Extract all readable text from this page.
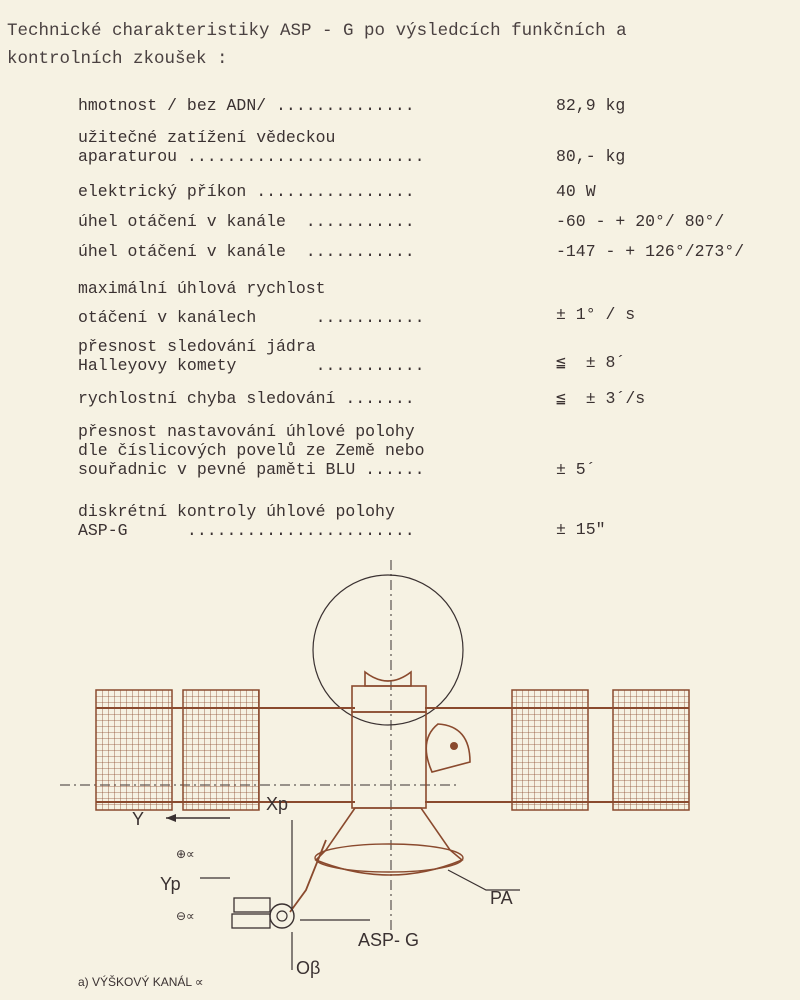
Technické charakteristiky ASP - G po výsledcích funkčních a
kontrolních zkoušek :
hmotnost / bez ADN/ ..............	82,9 kg
užitečné zatížení vědeckou
aparaturou ........................	80,- kg
elektrický příkon ................	40 W
úhel otáčení v kanále  ...........	-60 - + 20°/ 80°/
úhel otáčení v kanále  ...........	-147 - + 126°/273°/
maximální úhlová rychlost
otáčení v kanálech      ...........	± 1° / s
přesnost sledování jádra
Halleyovy komety        ...........	≦  ± 8´
rychlostní chyba sledování .......	≦  ± 3´/s
přesnost nastavování úhlové polohy
dle číslicových povelů ze Země nebo
souřadnic v pevné paměti BLU ......	± 5´
diskrétní kontroly úhlové polohy
ASP-G      .......................	± 15"
Y
Yp
Xp
⊕∝
⊖∝
Oβ
ASP- G
PA
a) VÝŠKOVÝ KANÁL ∝
